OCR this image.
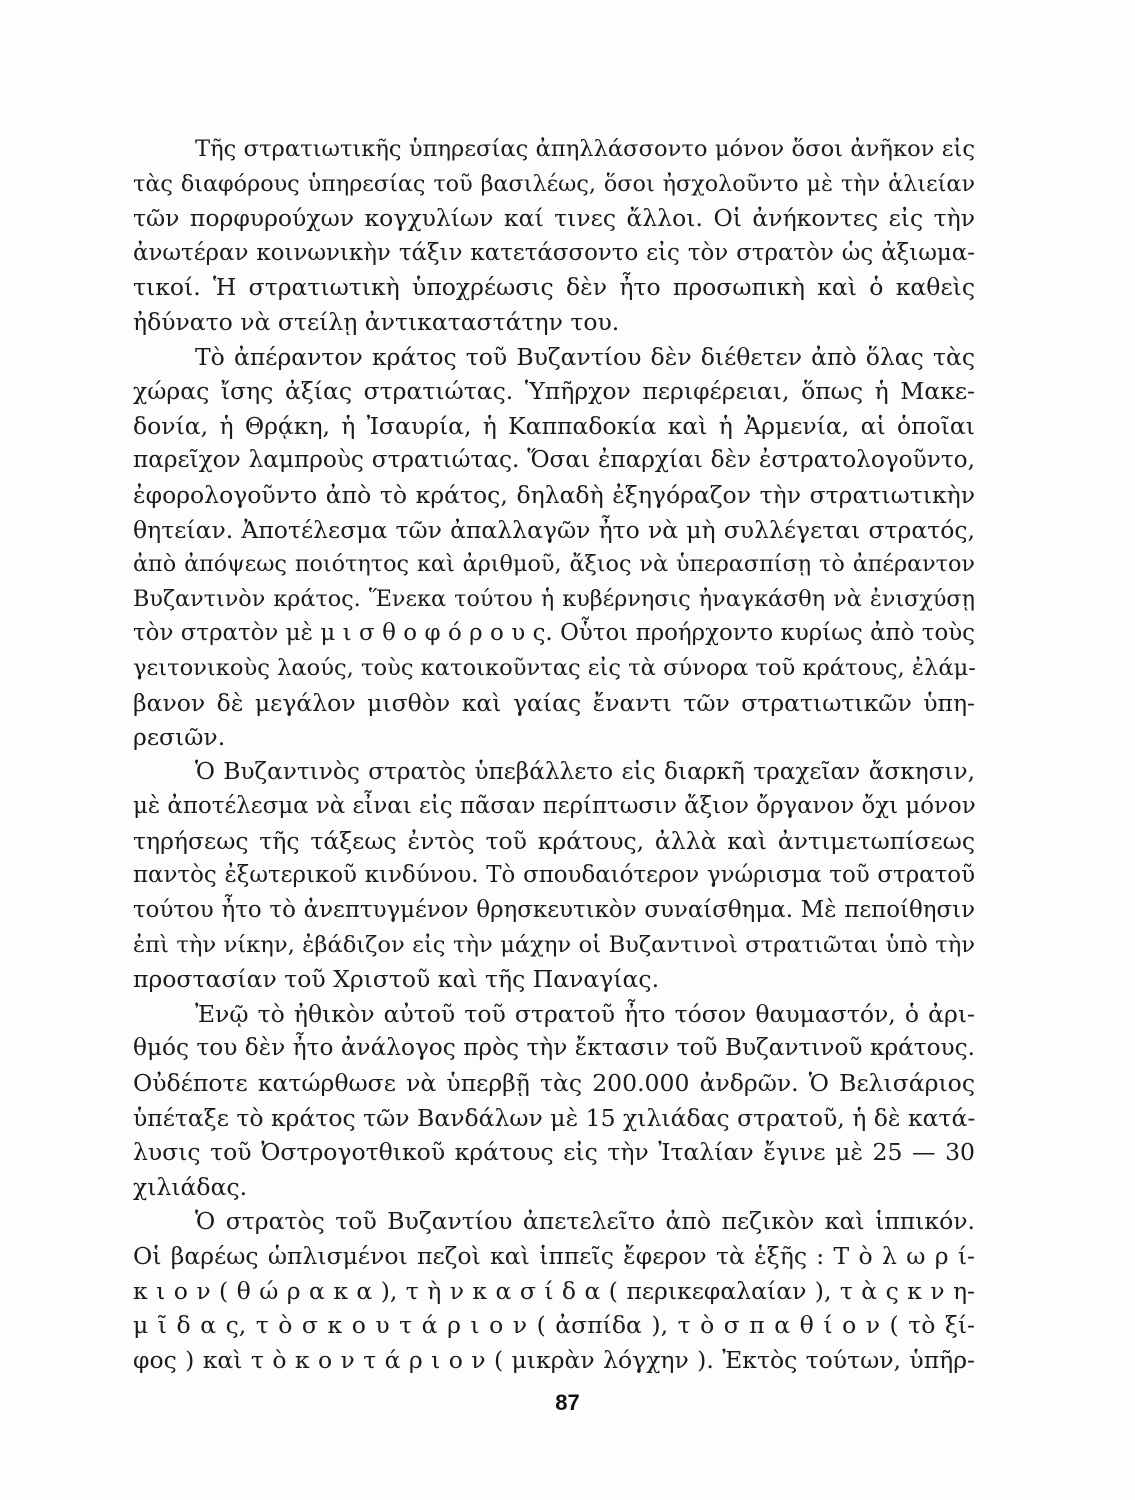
Τῆς στρατιωτικῆς ὑπηρεσίας ἀπηλλάσσοντο μόνον ὅσοι ἀνῆκον εἰς
τὰς διαφόρους ὑπηρεσίας τοῦ βασιλέως, ὅσοι ἠσχολοῦντο μὲ τὴν ἁλιείαν
τῶν πορφυρούχων κογχυλίων καί τινες ἄλλοι. Οἱ ἀνήκοντες εἰς τὴν
ἀνωτέραν κοινωνικὴν τάξιν κατετάσσοντο εἰς τὸν στρατὸν ὡς ἀξιωμα-
τικοί. Ἡ στρατιωτικὴ ὑποχρέωσις δὲν ἦτο προσωπικὴ καὶ ὁ καθεὶς
ἠδύνατο νὰ στείλῃ ἀντικαταστάτην του.
Τὸ ἀπέραντον κράτος τοῦ Βυζαντίου δὲν διέθετεν ἀπὸ ὅλας τὰς
χώρας ἴσης ἀξίας στρατιώτας. Ὑπῆρχον περιφέρειαι, ὅπως ἡ Μακε-
δονία, ἡ Θρᾴκη, ἡ Ἰσαυρία, ἡ Καππαδοκία καὶ ἡ Ἀρμενία, αἱ ὁποῖαι
παρεῖχον λαμπροὺς στρατιώτας. Ὅσαι ἐπαρχίαι δὲν ἐστρατολογοῦντο,
ἐφορολογοῦντο ἀπὸ τὸ κράτος, δηλαδὴ ἐξηγόραζον τὴν στρατιωτικὴν
θητείαν. Ἀποτέλεσμα τῶν ἀπαλλαγῶν ἦτο νὰ μὴ συλλέγεται στρατός,
ἀπὸ ἀπόψεως ποιότητος καὶ ἀριθμοῦ, ἄξιος νὰ ὑπερασπίσῃ τὸ ἀπέραντον
Βυζαντινὸν κράτος. Ἕνεκα τούτου ἡ κυβέρνησις ἠναγκάσθη νὰ ἐνισχύσῃ
τὸν στρατὸν μὲ μ ι σ θ ο φ ό ρ ο υ ς. Οὗτοι προήρχοντο κυρίως ἀπὸ τοὺς
γειτονικοὺς λαούς, τοὺς κατοικοῦντας εἰς τὰ σύνορα τοῦ κράτους, ἐλάμ-
βανον δὲ μεγάλον μισθὸν καὶ γαίας ἔναντι τῶν στρατιωτικῶν ὑπη-
ρεσιῶν.
Ὁ Βυζαντινὸς στρατὸς ὑπεβάλλετο εἰς διαρκῆ τραχεῖαν ἄσκησιν,
μὲ ἀποτέλεσμα νὰ εἶναι εἰς πᾶσαν περίπτωσιν ἄξιον ὄργανον ὄχι μόνον
τηρήσεως τῆς τάξεως ἐντὸς τοῦ κράτους, ἀλλὰ καὶ ἀντιμετωπίσεως
παντὸς ἐξωτερικοῦ κινδύνου. Τὸ σπουδαιότερον γνώρισμα τοῦ στρατοῦ
τούτου ἦτο τὸ ἀνεπτυγμένον θρησκευτικὸν συναίσθημα. Μὲ πεποίθησιν
ἐπὶ τὴν νίκην, ἐβάδιζον εἰς τὴν μάχην οἱ Βυζαντινοὶ στρατιῶται ὑπὸ τὴν
προστασίαν τοῦ Χριστοῦ καὶ τῆς Παναγίας.
Ἐνῷ τὸ ἠθικὸν αὐτοῦ τοῦ στρατοῦ ἦτο τόσον θαυμαστόν, ὁ ἀρι-
θμός του δὲν ἦτο ἀνάλογος πρὸς τὴν ἔκτασιν τοῦ Βυζαντινοῦ κράτους.
Οὐδέποτε κατώρθωσε νὰ ὑπερβῇ τὰς 200.000 ἀνδρῶν. Ὁ Βελισάριος
ὑπέταξε τὸ κράτος τῶν Βανδάλων μὲ 15 χιλιάδας στρατοῦ, ἡ δὲ κατά-
λυσις τοῦ Ὀστρογοτθικοῦ κράτους εἰς τὴν Ἰταλίαν ἔγινε μὲ 25 — 30
χιλιάδας.
Ὁ στρατὸς τοῦ Βυζαντίου ἀπετελεῖτο ἀπὸ πεζικὸν καὶ ἱππικόν.
Οἱ βαρέως ὡπλισμένοι πεζοὶ καὶ ἱππεῖς ἔφερον τὰ ἑξῆς : Τ ὸ λ ω ρ ί-
κ ι ο ν ( θ ώ ρ α κ α ), τ ὴ ν κ α σ ί δ α ( περικεφαλαίαν ), τ ὰ ς κ ν η-
μ ῖ δ α ς, τ ὸ σ κ ο υ τ ά ρ ι ο ν ( ἀσπίδα ), τ ὸ σ π α θ ί ο ν ( τὸ ξί-
φος ) καὶ τ ὸ κ ο ν τ ά ρ ι ο ν ( μικρὰν λόγχην ). Ἐκτὸς τούτων, ὑπῆρ-
87
